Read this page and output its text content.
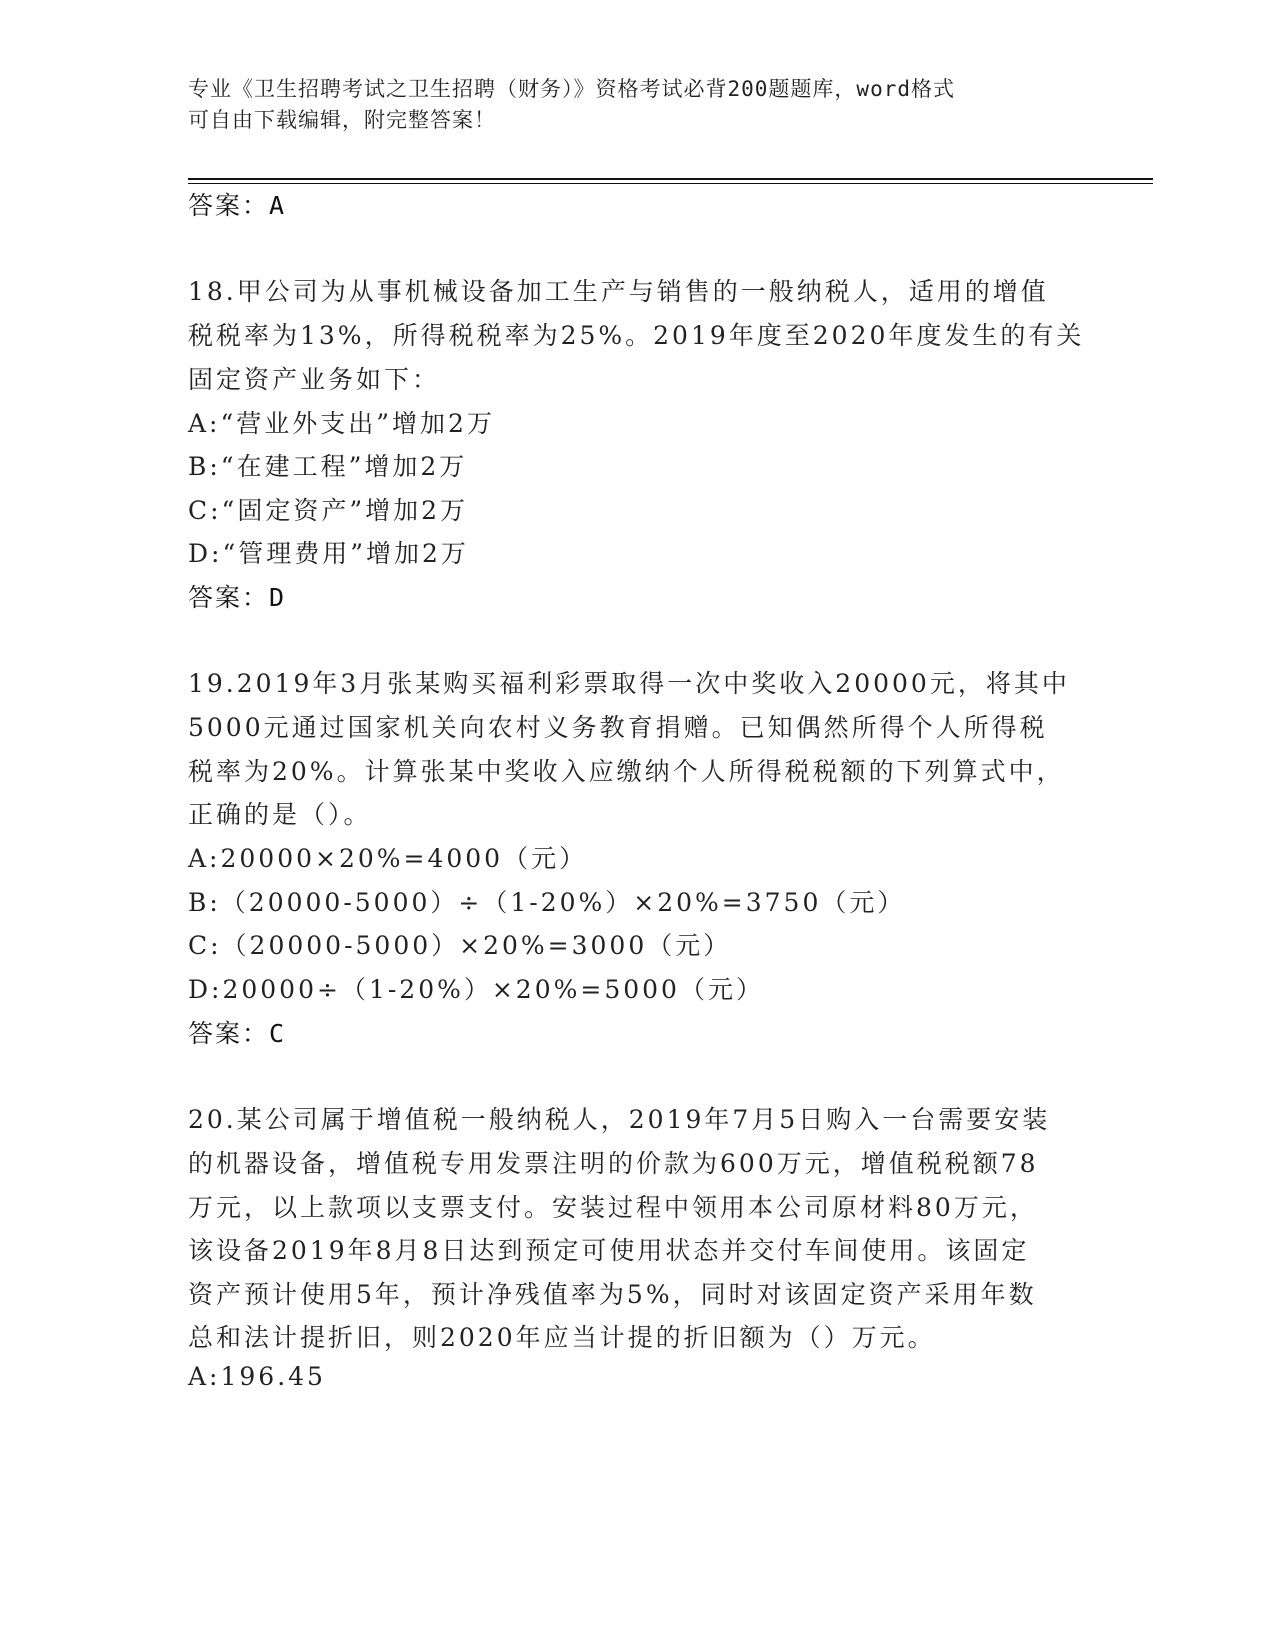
专业《卫生招聘考试之卫生招聘（财务）》资格考试必背200题题库，word格式
可自由下载编辑，附完整答案！
答案：A
18.甲公司为从事机械设备加工生产与销售的一般纳税人，适用的增值
税税率为13%，所得税税率为25%。2019年度至2020年度发生的有关
固定资产业务如下：
A:“营业外支出”增加2万
B:“在建工程”增加2万
C:“固定资产”增加2万
D:“管理费用”增加2万
答案：D
19.2019年3月张某购买福利彩票取得一次中奖收入20000元，将其中
5000元通过国家机关向农村义务教育捐赠。已知偶然所得个人所得税
税率为20%。计算张某中奖收入应缴纳个人所得税税额的下列算式中，
正确的是（）。
A:20000×20%=4000（元）
B:（20000-5000）÷（1-20%）×20%=3750（元）
C:（20000-5000）×20%=3000（元）
D:20000÷（1-20%）×20%=5000（元）
答案：C
20.某公司属于增值税一般纳税人，2019年7月5日购入一台需要安装
的机器设备，增值税专用发票注明的价款为600万元，增值税税额78
万元，以上款项以支票支付。安装过程中领用本公司原材料80万元，
该设备2019年8月8日达到预定可使用状态并交付车间使用。该固定
资产预计使用5年，预计净残值率为5%，同时对该固定资产采用年数
总和法计提折旧，则2020年应当计提的折旧额为（）万元。
A:196.45
